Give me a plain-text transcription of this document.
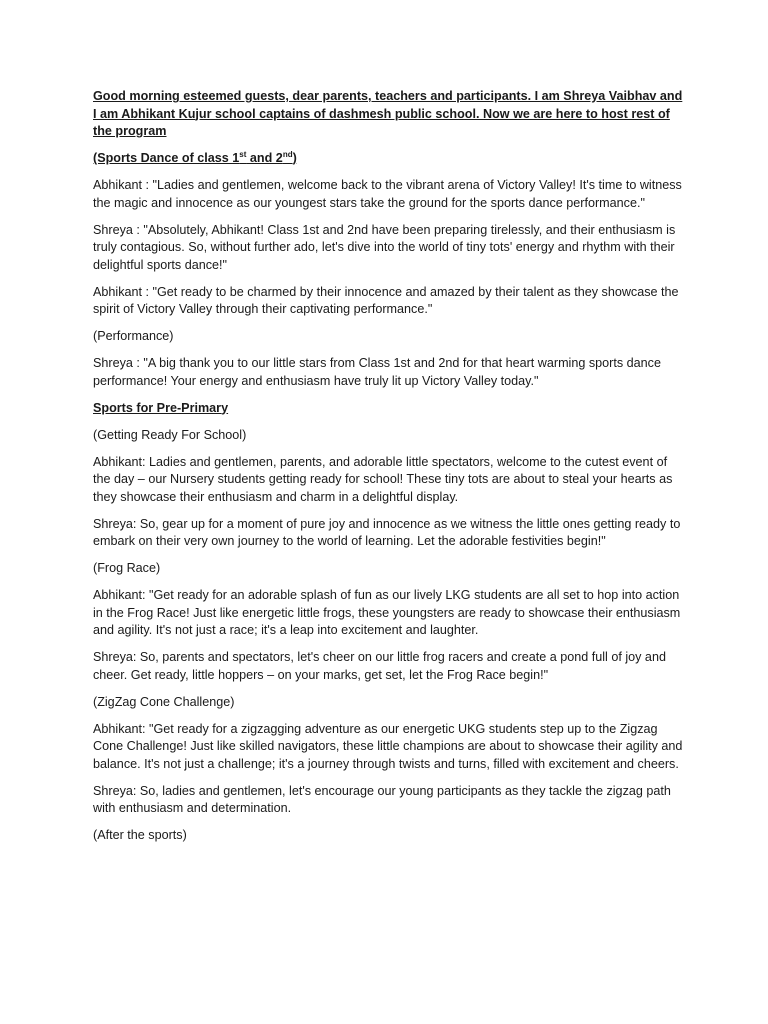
Good morning esteemed guests, dear parents, teachers and participants. I am Shreya Vaibhav and I am Abhikant Kujur school captains of dashmesh public school. Now we are here to host rest of the program

(Sports Dance of class 1st and 2nd)

Abhikant : "Ladies and gentlemen, welcome back to the vibrant arena of Victory Valley! It's time to witness the magic and innocence as our youngest stars take the ground for the sports dance performance."

Shreya : "Absolutely, Abhikant! Class 1st and 2nd have been preparing tirelessly, and their enthusiasm is truly contagious. So, without further ado, let's dive into the world of tiny tots' energy and rhythm with their delightful sports dance!"

Abhikant : "Get ready to be charmed by their innocence and amazed by their talent as they showcase the spirit of Victory Valley through their captivating performance."

(Performance)

Shreya : "A big thank you to our little stars from Class 1st and 2nd for that heart warming sports dance performance! Your energy and enthusiasm have truly lit up Victory Valley today."

Sports for Pre-Primary

(Getting Ready For School)

Abhikant: Ladies and gentlemen, parents, and adorable little spectators, welcome to the cutest event of the day – our Nursery students getting ready for school! These tiny tots are about to steal your hearts as they showcase their enthusiasm and charm in a delightful display.

Shreya: So, gear up for a moment of pure joy and innocence as we witness the little ones getting ready to embark on their very own journey to the world of learning. Let the adorable festivities begin!"

(Frog Race)

Abhikant: "Get ready for an adorable splash of fun as our lively LKG students are all set to hop into action in the Frog Race! Just like energetic little frogs, these youngsters are ready to showcase their enthusiasm and agility. It's not just a race; it's a leap into excitement and laughter.

Shreya: So, parents and spectators, let's cheer on our little frog racers and create a pond full of joy and cheer. Get ready, little hoppers – on your marks, get set, let the Frog Race begin!"

(ZigZag Cone Challenge)

Abhikant: "Get ready for a zigzagging adventure as our energetic UKG students step up to the Zigzag Cone Challenge! Just like skilled navigators, these little champions are about to showcase their agility and balance. It's not just a challenge; it's a journey through twists and turns, filled with excitement and cheers.

Shreya: So, ladies and gentlemen, let's encourage our young participants as they tackle the zigzag path with enthusiasm and determination.

(After the sports)
